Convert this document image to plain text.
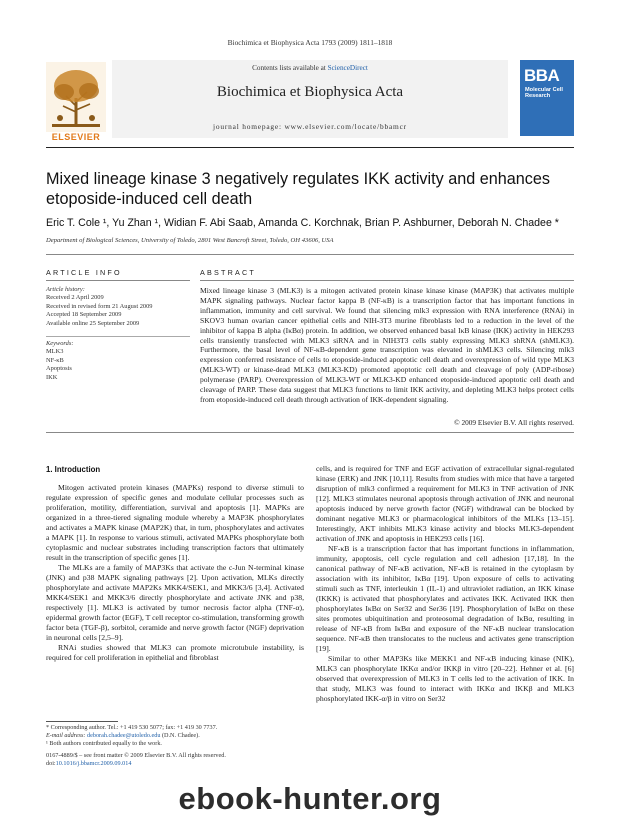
Biochimica et Biophysica Acta 1793 (2009) 1811–1818
ELSEVIER
Contents lists available at ScienceDirect
Biochimica et Biophysica Acta
journal homepage: www.elsevier.com/locate/bbamcr
BBA
Molecular Cell Research
Mixed lineage kinase 3 negatively regulates IKK activity and enhances etoposide-induced cell death
Eric T. Cole ¹, Yu Zhan ¹, Widian F. Abi Saab, Amanda C. Korchnak, Brian P. Ashburner, Deborah N. Chadee *
Department of Biological Sciences, University of Toledo, 2801 West Bancroft Street, Toledo, OH 43606, USA
ARTICLE INFO	ABSTRACT
Article history:
Received 2 April 2009
Received in revised form 21 August 2009
Accepted 18 September 2009
Available online 25 September 2009
Keywords:
MLK3
NF-κB
Apoptosis
IKK
Mixed lineage kinase 3 (MLK3) is a mitogen activated protein kinase kinase kinase (MAP3K) that activates multiple MAPK signaling pathways. Nuclear factor kappa B (NF-κB) is a transcription factor that has important functions in inflammation, immunity and cell survival. We found that silencing mlk3 expression with RNA interference (RNAi) in SKOV3 human ovarian cancer epithelial cells and NIH-3T3 murine fibroblasts led to a reduction in the level of the inhibitor of kappa B alpha (IκBα) protein. In addition, we observed enhanced basal IκB kinase (IKK) activity in HEK293 cells transiently transfected with MLK3 siRNA and in NIH3T3 cells stably expressing MLK3 shRNA (shMLK3). Furthermore, the basal level of NF-κB-dependent gene transcription was elevated in shMLK3 cells. Silencing mlk3 expression conferred resistance of cells to etoposide-induced apoptotic cell death and overexpression of wild type MLK3 (MLK3-WT) or kinase-dead MLK3 (MLK3-KD) promoted apoptotic cell death and cleavage of poly (ADP-ribose) polymerase (PARP). Overexpression of MLK3-WT or MLK3-KD enhanced etoposide-induced apoptotic cell death and cleavage of PARP. These data suggest that MLK3 functions to limit IKK activity, and depleting MLK3 helps protect cells from etoposide-induced cell death through activation of IKK-dependent signaling.
© 2009 Elsevier B.V. All rights reserved.
1. Introduction

Mitogen activated protein kinases (MAPKs) respond to diverse stimuli to regulate expression of specific genes and modulate cellular processes such as proliferation, motility, differentiation, survival and apoptosis [1]. MAPKs are organized in a three-tiered signaling module whereby a MAP3K phosphorylates and activates a MAPK kinase (MAP2K) that, in turn, phosphorylates and activates a MAPK [1]. In response to various stimuli, activated MAPKs phosphorylate both cytoplasmic and nuclear substrates including transcription factors that ultimately result in the transcription of specific genes [1].

The MLKs are a family of MAP3Ks that activate the c-Jun N-terminal kinase (JNK) and p38 MAPK signaling pathways [2]. Upon activation, MLKs directly phosphorylate and activate MAP2Ks MKK4/SEK1, and MKK3/6 [3,4]. Activated MKK4/SEK1 and MKK3/6 directly phosphorylate and activate JNK and p38, respectively [1]. MLK3 is activated by tumor necrosis factor alpha (TNF-α), epidermal growth factor (EGF), T cell receptor co-stimulation, transforming growth factor beta (TGF-β), sorbitol, ceramide and nerve growth factor (NGF) deprivation in neuronal cells [2,5–9].

RNAi studies showed that MLK3 can promote microtubule instability, is required for cell proliferation in epithelial and fibroblast

cells, and is required for TNF and EGF activation of extracellular signal-regulated kinase (ERK) and JNK [10,11]. Results from studies with mice that have a targeted disruption of mlk3 confirmed a requirement for MLK3 in TNF activation of JNK [12]. MLK3 stimulates neuronal apoptosis through activation of JNK and neuronal apoptosis induced by nerve growth factor (NGF) withdrawal can be blocked by dominant negative MLK3 or pharmacological inhibitors of the MLKs [13–15]. Interestingly, AKT inhibits MLK3 kinase activity and blocks MLK3-dependent activation of JNK and apoptosis in HEK293 cells [16].

NF-κB is a transcription factor that has important functions in inflammation, immunity, apoptosis, cell cycle regulation and cell adhesion [17,18]. In the canonical pathway of NF-κB activation, NF-κB is retained in the cytoplasm by association with its inhibitor, IκBα [19]. Upon exposure of cells to activating stimuli such as TNF, interleukin 1 (IL-1) and ultraviolet radiation, an IKK kinase (IKKK) is activated that phosphorylates and activates IKK. Activated IKK then phosphorylates IκBα on Ser32 and Ser36 [19]. Phosphorylation of IκBα on these sites promotes ubiquitination and proteosomal degradation of IκBα, resulting in release of NF-κB from IκBα and exposure of the NF-κB nuclear translocation sequence. NF-κB then translocates to the nucleus and activates gene transcription [19].

Similar to other MAP3Ks like MEKK1 and NF-κB inducing kinase (NIK), MLK3 can phosphorylate IKKα and/or IKKβ in vitro [20–22]. Hehner et al. [6] observed that overexpression of MLK3 in T cells led to the activation of IKK. In that study, MLK3 was found to interact with IKKα and IKKβ and MLK3 phosphorylated IKK-α/β in vitro on Ser32

* Corresponding author. Tel.: +1 419 530 5077; fax: +1 419 30 7737.
E-mail address: deborah.chadee@utoledo.edu (D.N. Chadee).
¹ Both authors contributed equally to the work.
0167-4889/$ – see front matter © 2009 Elsevier B.V. All rights reserved.
doi:10.1016/j.bbamcr.2009.09.014
ebook-hunter.org
